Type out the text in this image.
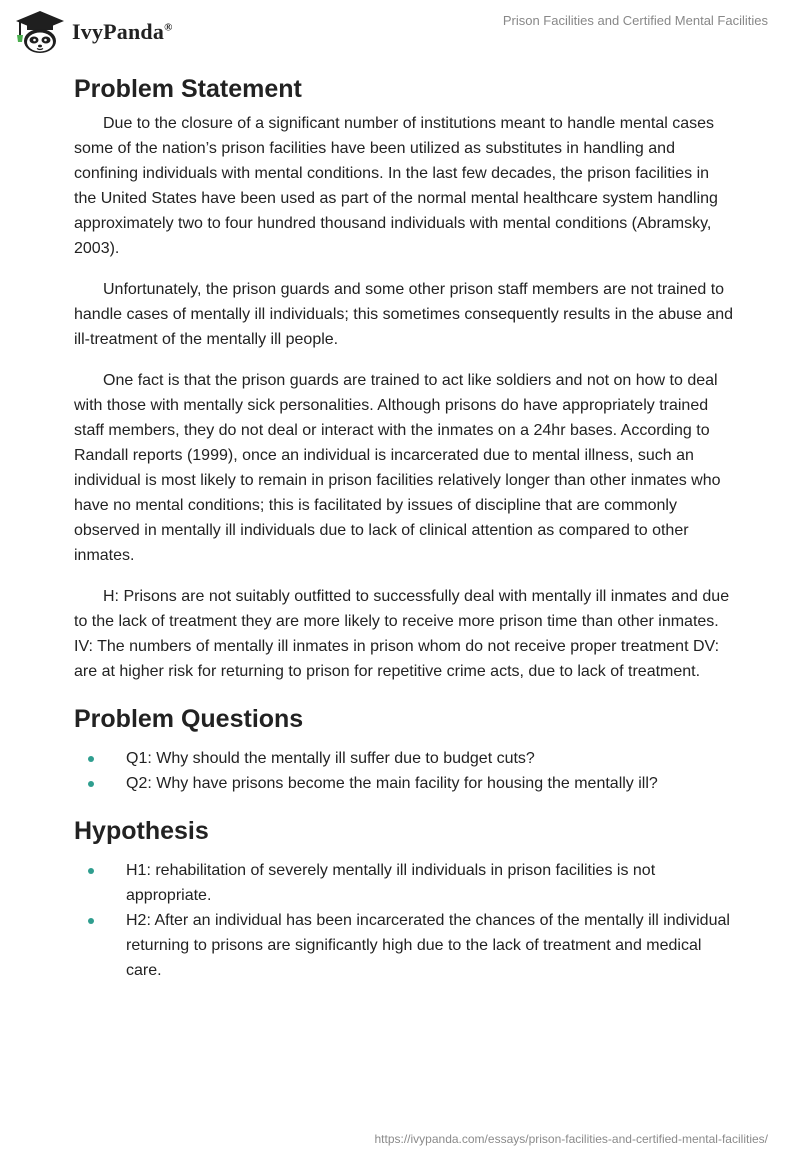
IvyPanda®	Prison Facilities and Certified Mental Facilities
Problem Statement

Due to the closure of a significant number of institutions meant to handle mental cases some of the nation’s prison facilities have been utilized as substitutes in handling and confining individuals with mental conditions. In the last few decades, the prison facilities in the United States have been used as part of the normal mental healthcare system handling approximately two to four hundred thousand individuals with mental conditions (Abramsky, 2003).

Unfortunately, the prison guards and some other prison staff members are not trained to handle cases of mentally ill individuals; this sometimes consequently results in the abuse and ill-treatment of the mentally ill people.

One fact is that the prison guards are trained to act like soldiers and not on how to deal with those with mentally sick personalities. Although prisons do have appropriately trained staff members, they do not deal or interact with the inmates on a 24hr bases. According to Randall reports (1999), once an individual is incarcerated due to mental illness, such an individual is most likely to remain in prison facilities relatively longer than other inmates who have no mental conditions; this is facilitated by issues of discipline that are commonly observed in mentally ill individuals due to lack of clinical attention as compared to other inmates.

H: Prisons are not suitably outfitted to successfully deal with mentally ill inmates and due to the lack of treatment they are more likely to receive more prison time than other inmates. IV: The numbers of mentally ill inmates in prison whom do not receive proper treatment DV: are at higher risk for returning to prison for repetitive crime acts, due to lack of treatment.

Problem Questions
Q1: Why should the mentally ill suffer due to budget cuts?
Q2: Why have prisons become the main facility for housing the mentally ill?
Hypothesis
H1: rehabilitation of severely mentally ill individuals in prison facilities is not appropriate.
H2: After an individual has been incarcerated the chances of the mentally ill individual returning to prisons are significantly high due to the lack of treatment and medical care.
https://ivypanda.com/essays/prison-facilities-and-certified-mental-facilities/
